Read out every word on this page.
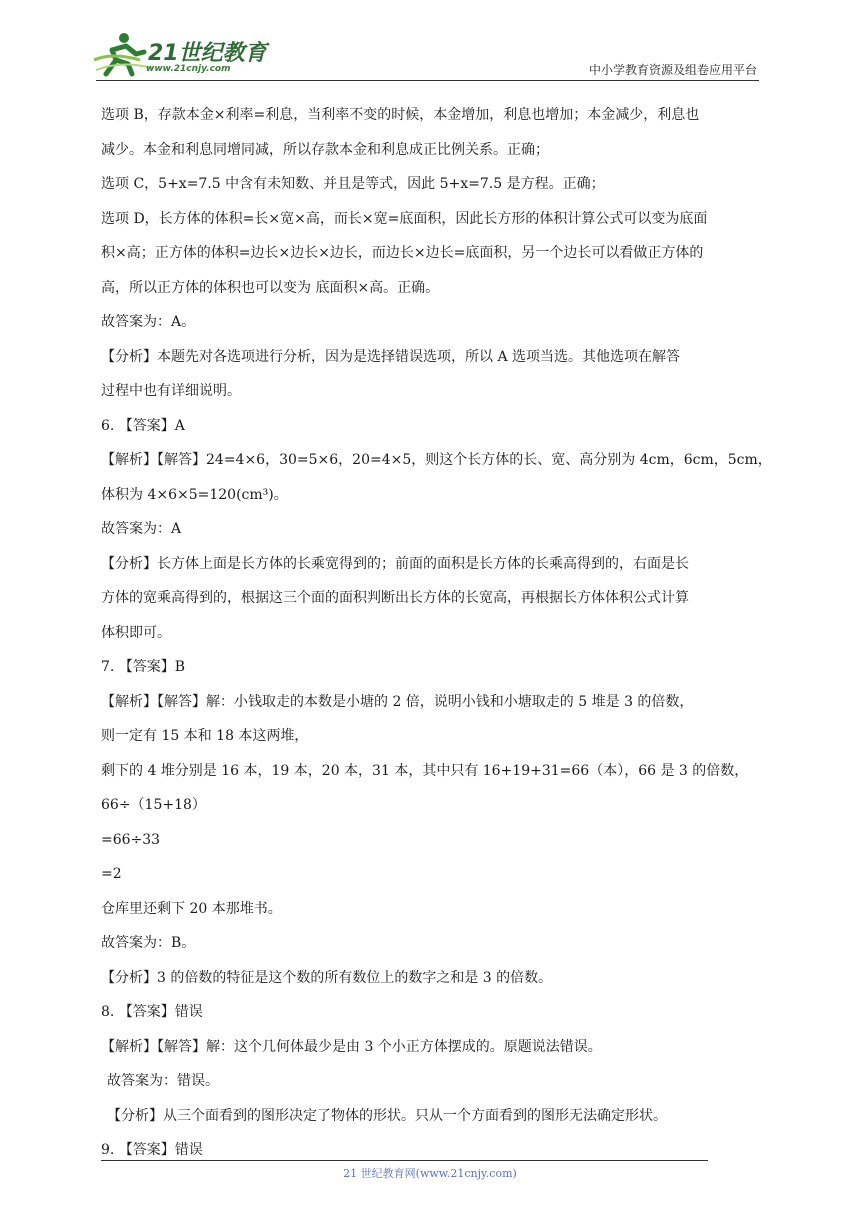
21世纪教育
www.21cnjy.com	中小学教育资源及组卷应用平台
选项 B，存款本金×利率=利息，当利率不变的时候，本金增加，利息也增加；本金减少，利息也
减少。本金和利息同增同减，所以存款本金和利息成正比例关系。正确；
选项 C，5+x=7.5 中含有未知数、并且是等式，因此 5+x=7.5 是方程。正确；
选项 D，长方体的体积=长×宽×高，而长×宽=底面积，因此长方形的体积计算公式可以变为底面
积×高；正方体的体积=边长×边长×边长，而边长×边长=底面积，另一个边长可以看做正方体的
高，所以正方体的体积也可以变为 底面积×高。正确。
故答案为：A。
【分析】本题先对各选项进行分析，因为是选择错误选项，所以 A 选项当选。其他选项在解答
过程中也有详细说明。
6. 【答案】A
【解析】【解答】24=4×6，30=5×6，20=4×5，则这个长方体的长、宽、高分别为 4cm，6cm，5cm，
体积为 4×6×5=120(cm³)。
故答案为：A
【分析】长方体上面是长方体的长乘宽得到的；前面的面积是长方体的长乘高得到的，右面是长
方体的宽乘高得到的，根据这三个面的面积判断出长方体的长宽高，再根据长方体体积公式计算
体积即可。
7. 【答案】B
【解析】【解答】解：小钱取走的本数是小塘的 2 倍，说明小钱和小塘取走的 5 堆是 3 的倍数，
则一定有 15 本和 18 本这两堆，
剩下的 4 堆分别是 16 本，19 本，20 本，31 本，其中只有 16+19+31=66（本），66 是 3 的倍数，
66÷（15+18）
=66÷33
=2
仓库里还剩下 20 本那堆书。
故答案为：B。
【分析】3 的倍数的特征是这个数的所有数位上的数字之和是 3 的倍数。
8. 【答案】错误
【解析】【解答】解：这个几何体最少是由 3 个小正方体摆成的。原题说法错误。
故答案为：错误。
【分析】从三个面看到的图形决定了物体的形状。只从一个方面看到的图形无法确定形状。
9. 【答案】错误
21 世纪教育网(www.21cnjy.com)
